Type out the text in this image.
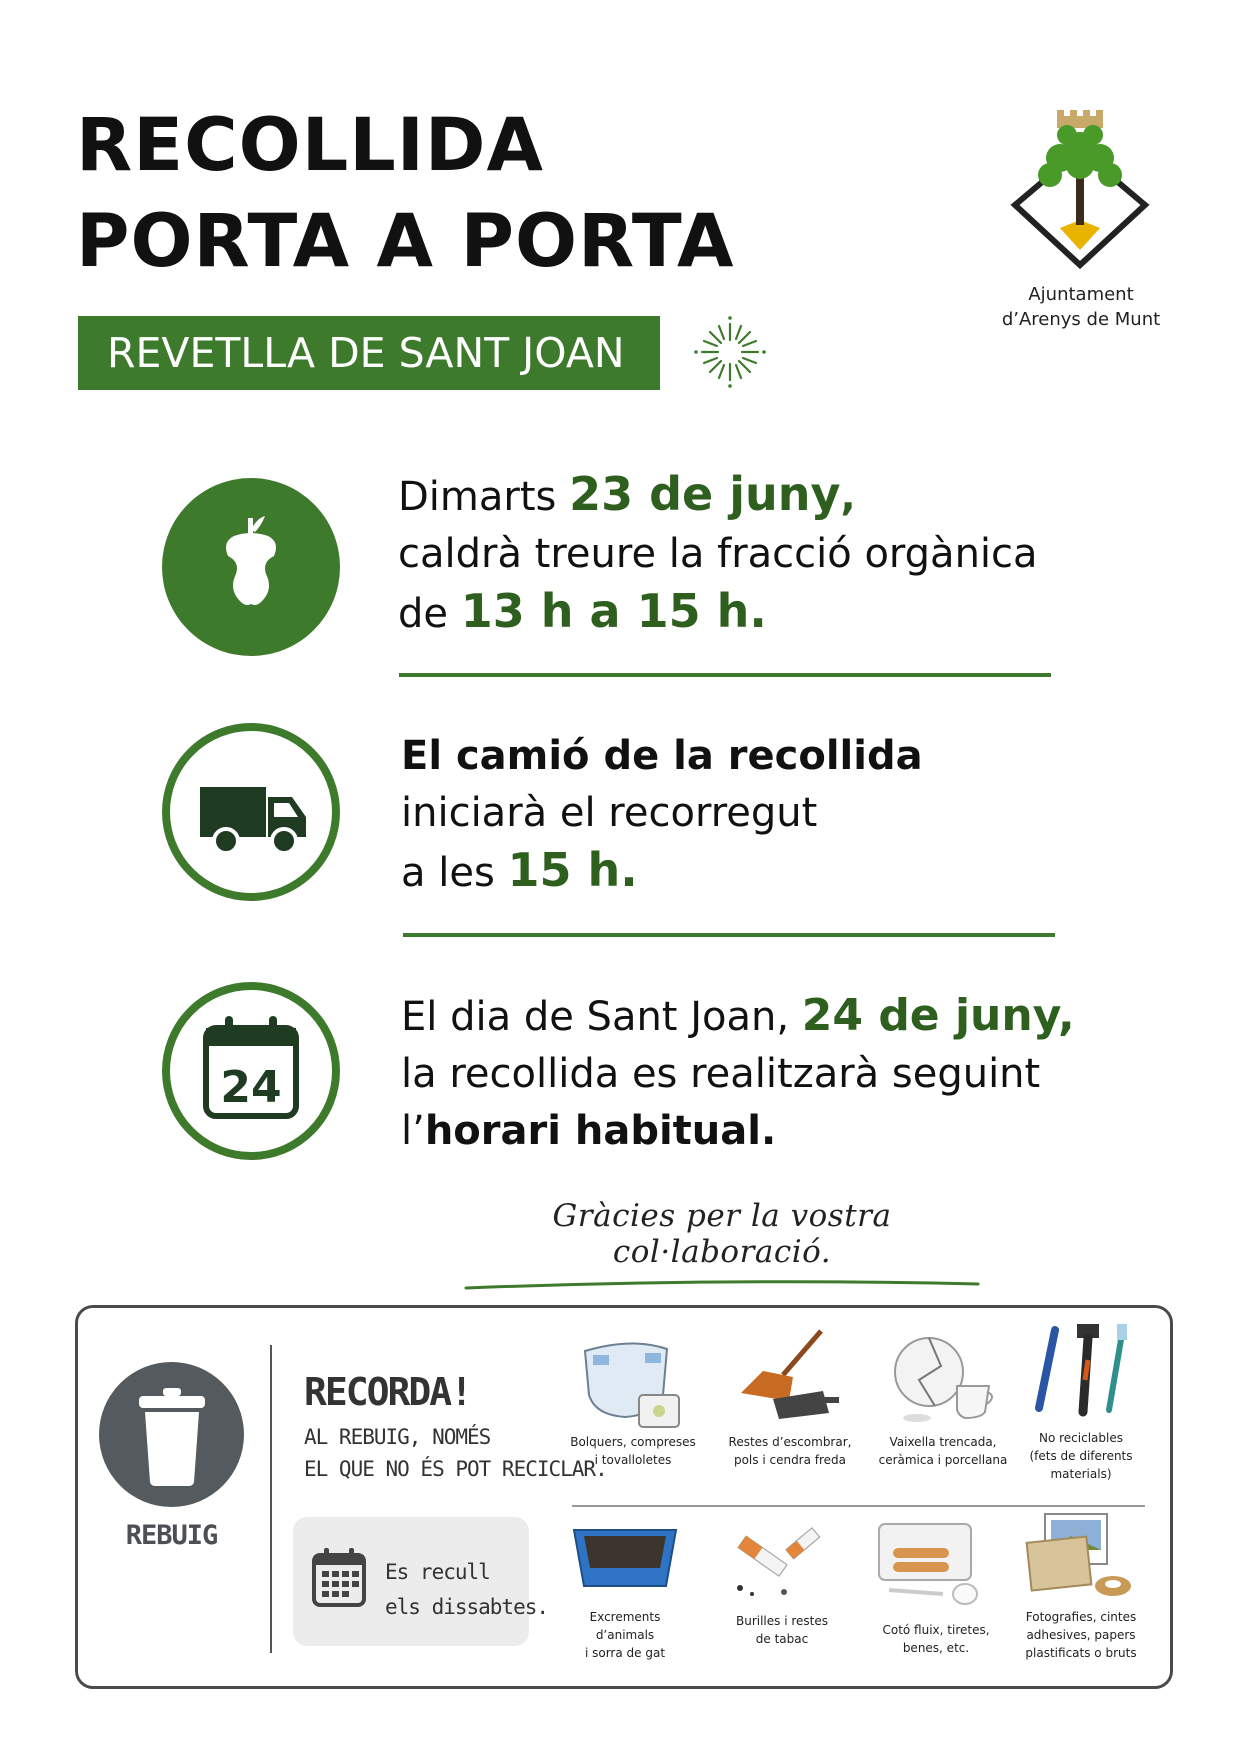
RECOLLIDA
PORTA A PORTA
REVETLLA DE SANT JOAN
Ajuntament
d’Arenys de Munt
Dimarts 23 de juny,
caldrà treure la fracció orgànica
de 13 h a 15 h.
El camió de la recollida
iniciarà el recorregut
a les 15 h.
24
El dia de Sant Joan, 24 de juny,
la recollida es realitzarà seguint
l’horari habitual.
Gràcies per la vostra col·laboració.
REBUIG
RECORDA!
AL REBUIG, NOMÉS
EL QUE NO ÉS POT RECICLAR.
Es recull
els dissabtes.
Bolquers, compreses
i tovalloletes
Restes d’escombrar,
pols i cendra freda
Vaixella trencada,
ceràmica i porcellana
No reciclables
(fets de diferents
materials)
Excrements
d’animals
i sorra de gat
Burilles i restes
de tabac
Cotó fluix, tiretes,
benes, etc.
Fotografies, cintes
adhesives, papers
plastificats o bruts
